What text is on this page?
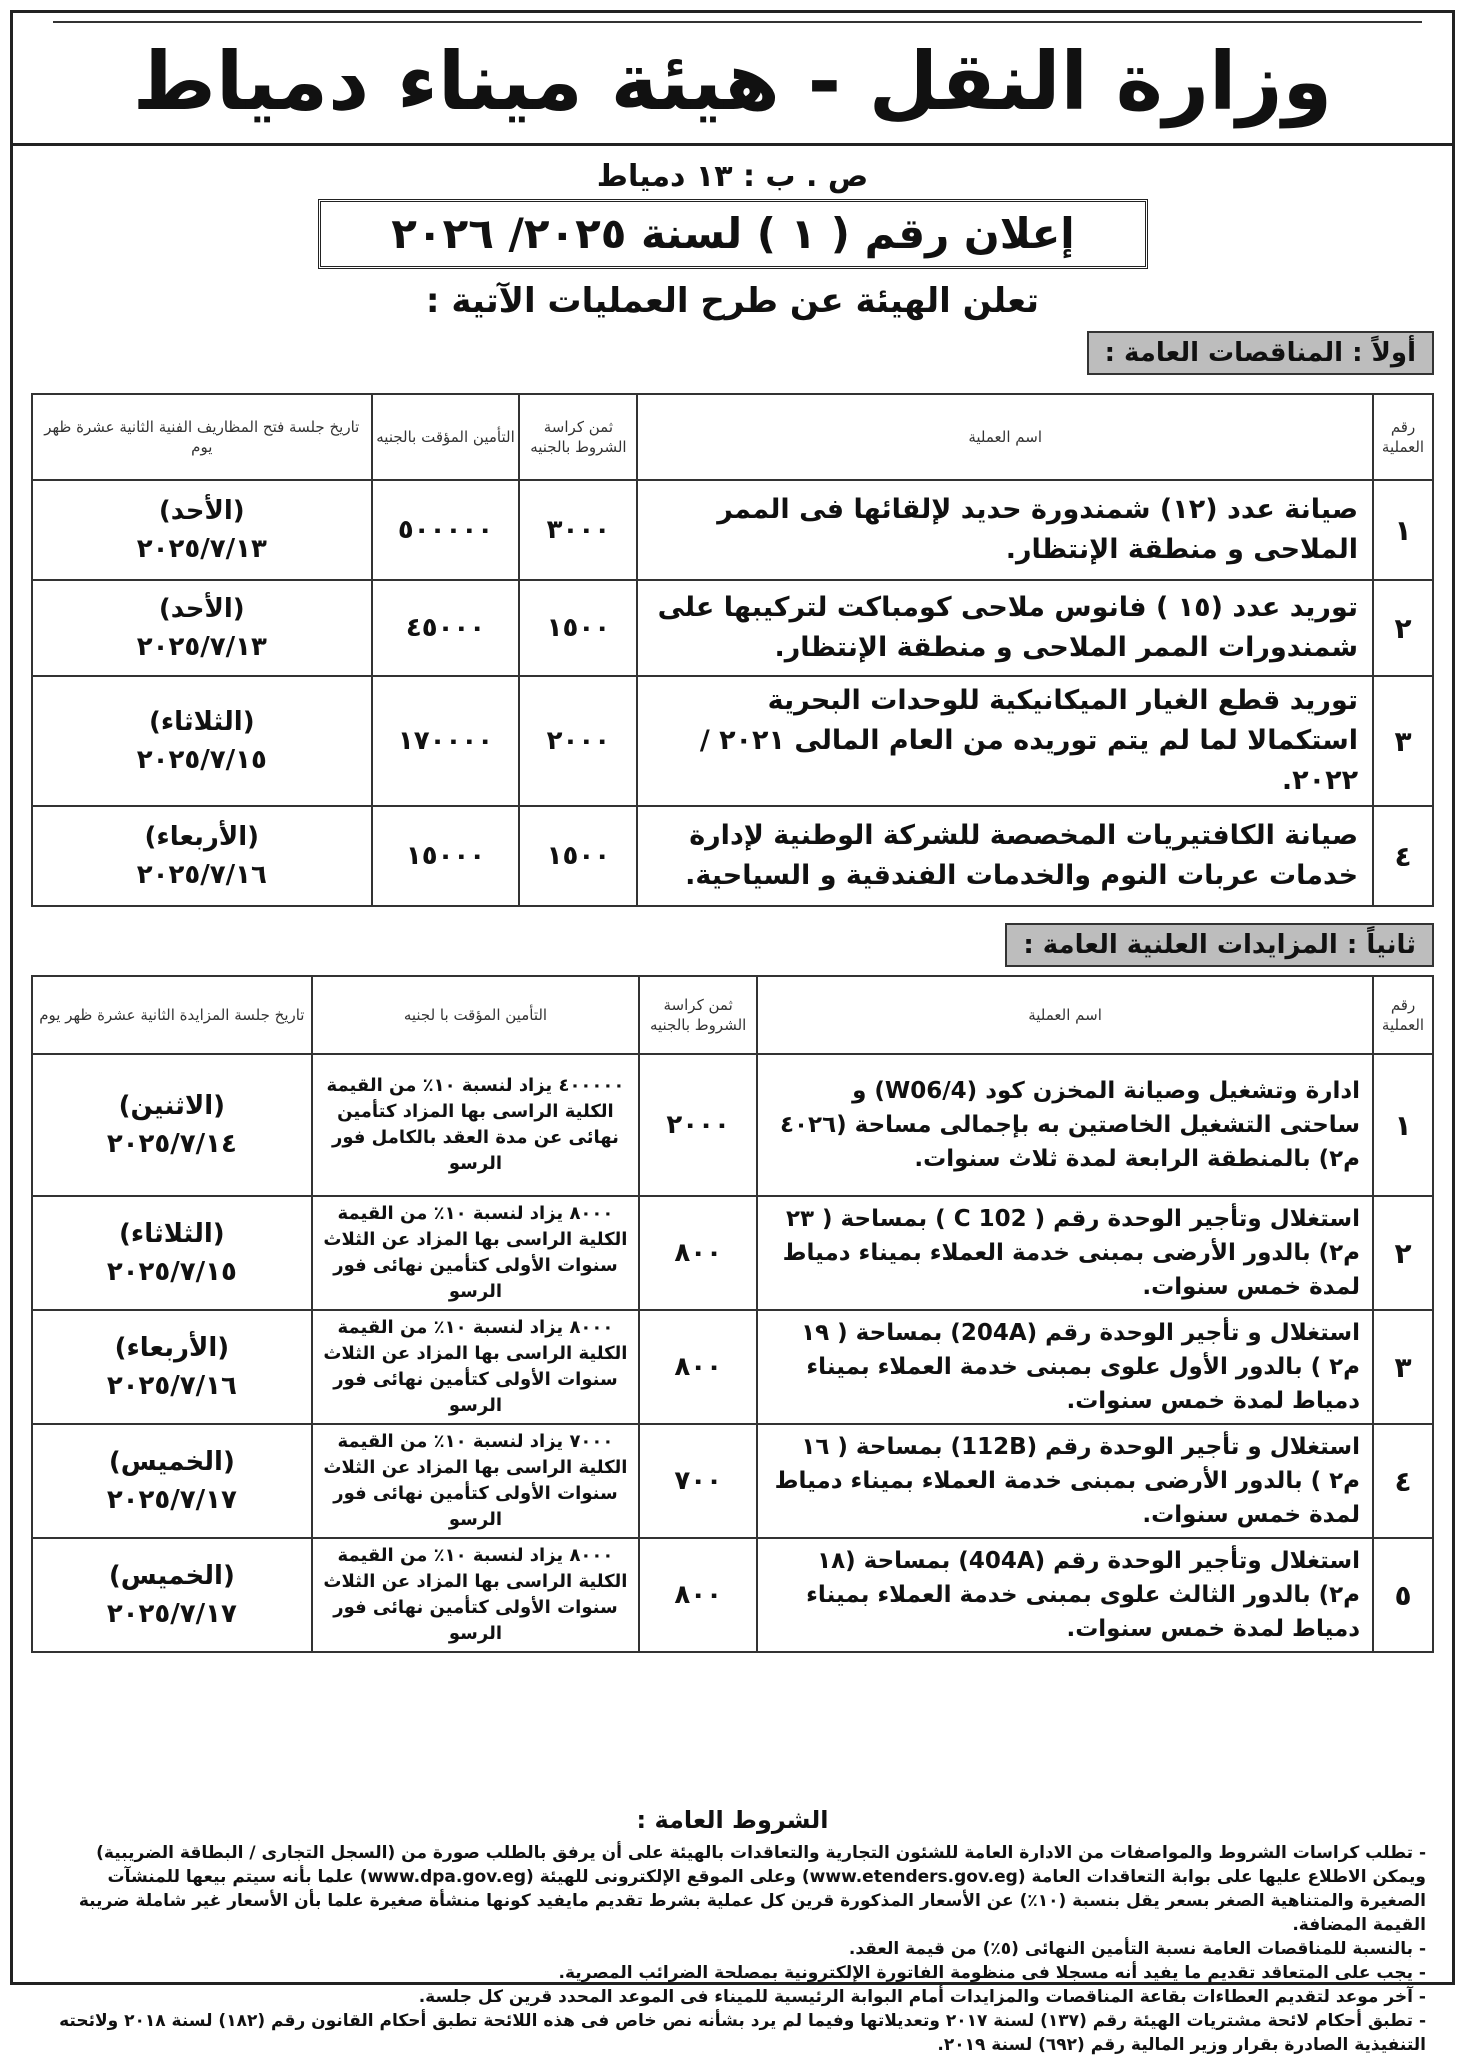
وزارة النقل - هيئة ميناء دمياط
ص . ب : ١٣ دمياط
إعلان رقم ( ١ ) لسنة ٢٠٢٥/ ٢٠٢٦
تعلن الهيئة عن طرح العمليات الآتية :
أولاً : المناقصات العامة :
رقم العملية	اسم العملية	ثمن كراسة الشروط بالجنيه	التأمين المؤقت بالجنيه	تاريخ جلسة فتح المظاريف الفنية الثانية عشرة ظهر يوم
١	صيانة عدد (١٢) شمندورة حديد لإلقائها فى الممر الملاحى و منطقة الإنتظار.	٣٠٠٠	٥٠٠٠٠٠	(الأحد)
٢٠٢٥/٧/١٣

٢	توريد عدد (١٥ ) فانوس ملاحى كومباكت لتركيبها على شمندورات الممر الملاحى و منطقة الإنتظار.	١٥٠٠	٤٥٠٠٠	(الأحد)
٢٠٢٥/٧/١٣

٣	توريد قطع الغيار الميكانيكية للوحدات البحرية استكمالا لما لم يتم توريده من العام المالى ٢٠٢١ /٢٠٢٢.	٢٠٠٠	١٧٠٠٠٠	(الثلاثاء)
٢٠٢٥/٧/١٥

٤	صيانة الكافتيريات المخصصة للشركة الوطنية لإدارة خدمات عربات النوم والخدمات الفندقية و السياحية.	١٥٠٠	١٥٠٠٠	(الأربعاء)
٢٠٢٥/٧/١٦
ثانياً : المزايدات العلنية العامة :
رقم العملية	اسم العملية	ثمن كراسة الشروط بالجنيه	التأمين المؤقت با لجنيه	تاريخ جلسة المزايدة الثانية عشرة ظهر يوم
١	ادارة وتشغيل وصيانة المخزن كود (W06/4) و ساحتى التشغيل الخاصتين به بإجمالى مساحة (٤٠٢٦ م٢) بالمنطقة الرابعة لمدة ثلاث سنوات.	٢٠٠٠	٤٠٠٠٠٠ يزاد لنسبة ١٠٪ من القيمة الكلية الراسى بها المزاد كتأمين نهائى عن مدة العقد بالكامل فور الرسو	(الاثنين)
٢٠٢٥/٧/١٤

٢	استغلال وتأجير الوحدة رقم ( 102 C ) بمساحة ( ٢٣ م٢) بالدور الأرضى بمبنى خدمة العملاء بميناء دمياط لمدة خمس سنوات.	٨٠٠	٨٠٠٠ يزاد لنسبة ١٠٪ من القيمة الكلية الراسى بها المزاد عن الثلاث سنوات الأولى كتأمين نهائى فور الرسو	(الثلاثاء)
٢٠٢٥/٧/١٥

٣	استغلال و تأجير الوحدة رقم (204A) بمساحة ( ١٩ م٢ ) بالدور الأول علوى بمبنى خدمة العملاء بميناء دمياط لمدة خمس سنوات.	٨٠٠	٨٠٠٠ يزاد لنسبة ١٠٪ من القيمة الكلية الراسى بها المزاد عن الثلاث سنوات الأولى كتأمين نهائى فور الرسو	(الأربعاء)
٢٠٢٥/٧/١٦

٤	استغلال و تأجير الوحدة رقم (112B) بمساحة ( ١٦ م٢ ) بالدور الأرضى بمبنى خدمة العملاء بميناء دمياط لمدة خمس سنوات.	٧٠٠	٧٠٠٠ يزاد لنسبة ١٠٪ من القيمة الكلية الراسى بها المزاد عن الثلاث سنوات الأولى كتأمين نهائى فور الرسو	(الخميس)
٢٠٢٥/٧/١٧

٥	استغلال وتأجير الوحدة رقم (404A) بمساحة (١٨ م٢) بالدور الثالث علوى بمبنى خدمة العملاء بميناء دمياط لمدة خمس سنوات.	٨٠٠	٨٠٠٠ يزاد لنسبة ١٠٪ من القيمة الكلية الراسى بها المزاد عن الثلاث سنوات الأولى كتأمين نهائى فور الرسو	(الخميس)
٢٠٢٥/٧/١٧
الشروط العامة :
- تطلب كراسات الشروط والمواصفات من الادارة العامة للشئون التجارية والتعاقدات بالهيئة على أن يرفق بالطلب صورة من (السجل التجارى / البطاقة الضريبية) ويمكن الاطلاع عليها على بوابة التعاقدات العامة (www.etenders.gov.eg) وعلى الموقع الإلكترونى للهيئة (www.dpa.gov.eg) علما بأنه سيتم بيعها للمنشآت الصغيرة والمتناهية الصغر بسعر يقل بنسبة (١٠٪) عن الأسعار المذكورة قرين كل عملية بشرط تقديم مايفيد كونها منشأة صغيرة علما بأن الأسعار غير شاملة ضريبة القيمة المضافة.
- بالنسبة للمناقصات العامة نسبة التأمين النهائى (٥٪) من قيمة العقد.
- يجب على المتعاقد تقديم ما يفيد أنه مسجلا فى منظومة الفاتورة الإلكترونية بمصلحة الضرائب المصرية.
- آخر موعد لتقديم العطاءات بقاعة المناقصات والمزايدات أمام البوابة الرئيسية للميناء فى الموعد المحدد قرين كل جلسة.
- تطبق أحكام لائحة مشتريات الهيئة رقم (١٣٧) لسنة ٢٠١٧ وتعديلاتها وفيما لم يرد بشأنه نص خاص فى هذه اللائحة تطبق أحكام القانون رقم (١٨٢) لسنة ٢٠١٨ ولائحته التنفيذية الصادرة بقرار وزير المالية رقم (٦٩٢) لسنة ٢٠١٩.
